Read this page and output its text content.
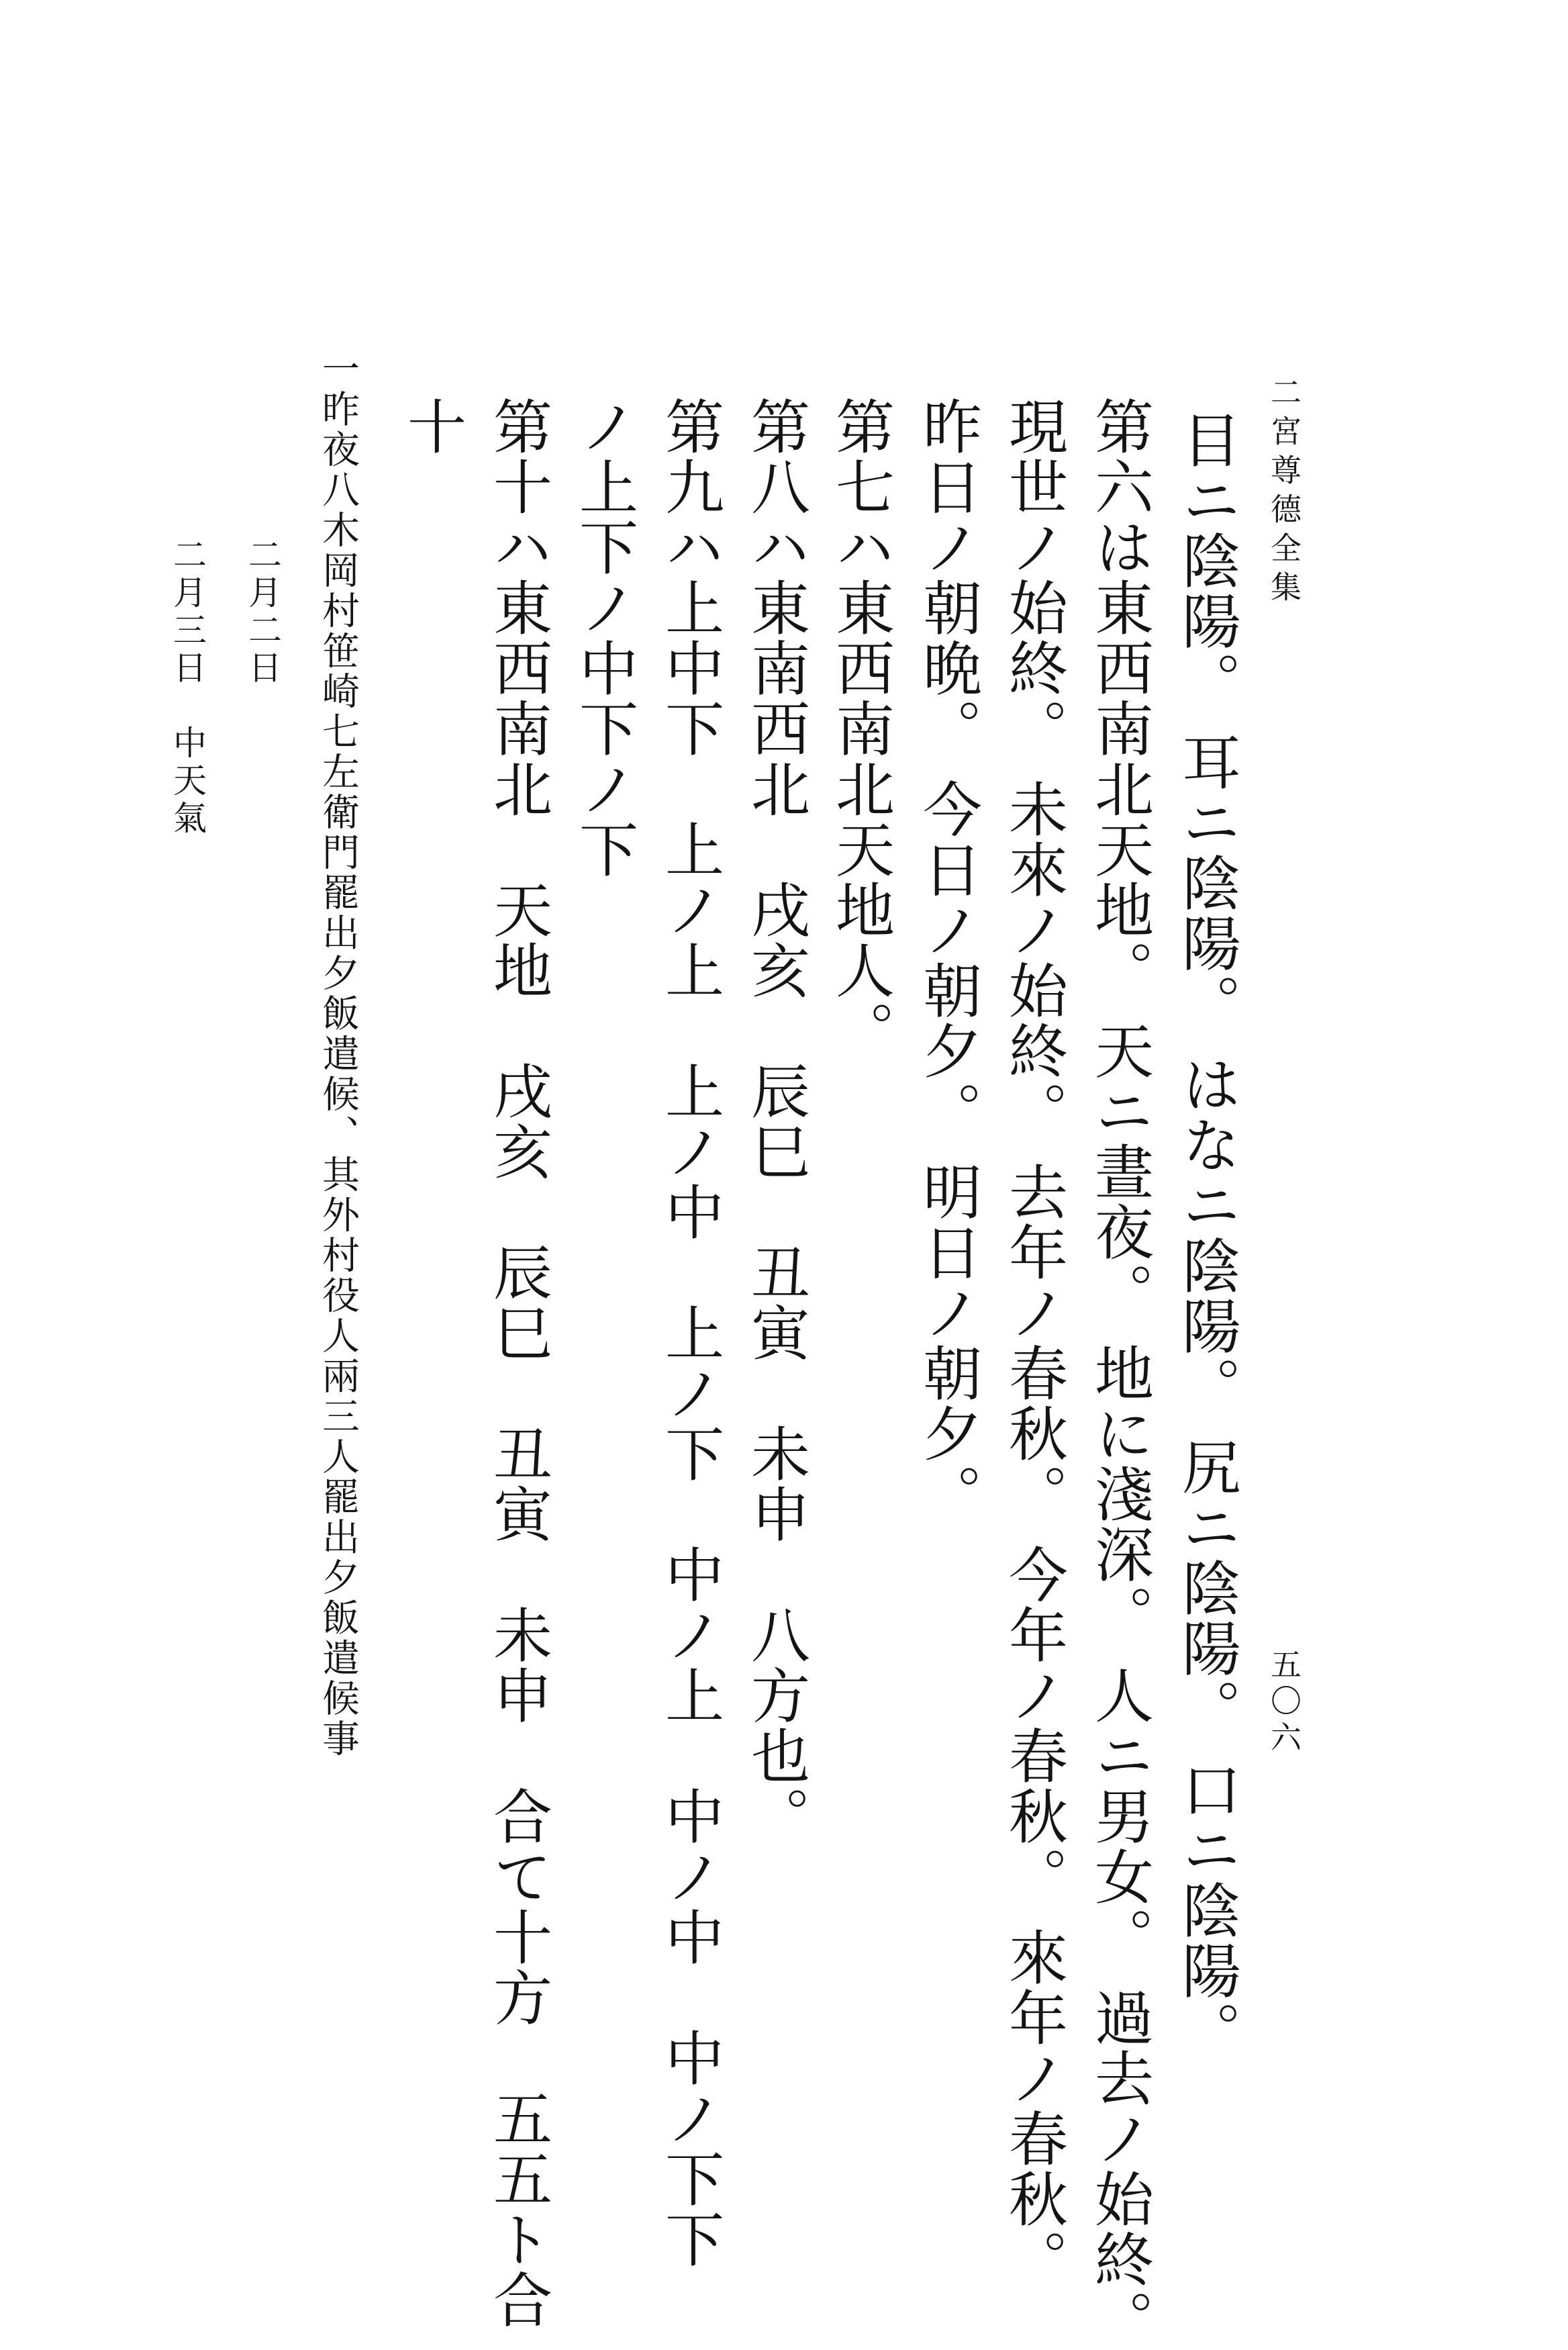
二宮尊德全集
五〇六
目ニ陰陽。 耳ニ陰陽。 はなニ陰陽。 尻ニ陰陽。 口ニ陰陽。
第六は東西南北天地。 天ニ晝夜。 地に淺深。 人ニ男女。 過去ノ始終。
現世ノ始終。 未來ノ始終。 去年ノ春秋。 今年ノ春秋。 來年ノ春秋。
昨日ノ朝晩。 今日ノ朝夕。 明日ノ朝夕。
第七ハ東西南北天地人。
第八ハ東南西北　戌亥　辰巳　丑寅　未申　八方也。
第九ハ上中下　上ノ上　上ノ中　上ノ下　中ノ上　中ノ中　中ノ下下
ノ上下ノ中下ノ下
第十ハ東西南北　天地　戌亥　辰巳　丑寅　未申　合て十方　五五ト合
十
一昨夜八木岡村笹崎七左衛門罷出夕飯遣候、其外村役人兩三人罷出夕飯遣候事
二月二日
二月三日　中天氣
